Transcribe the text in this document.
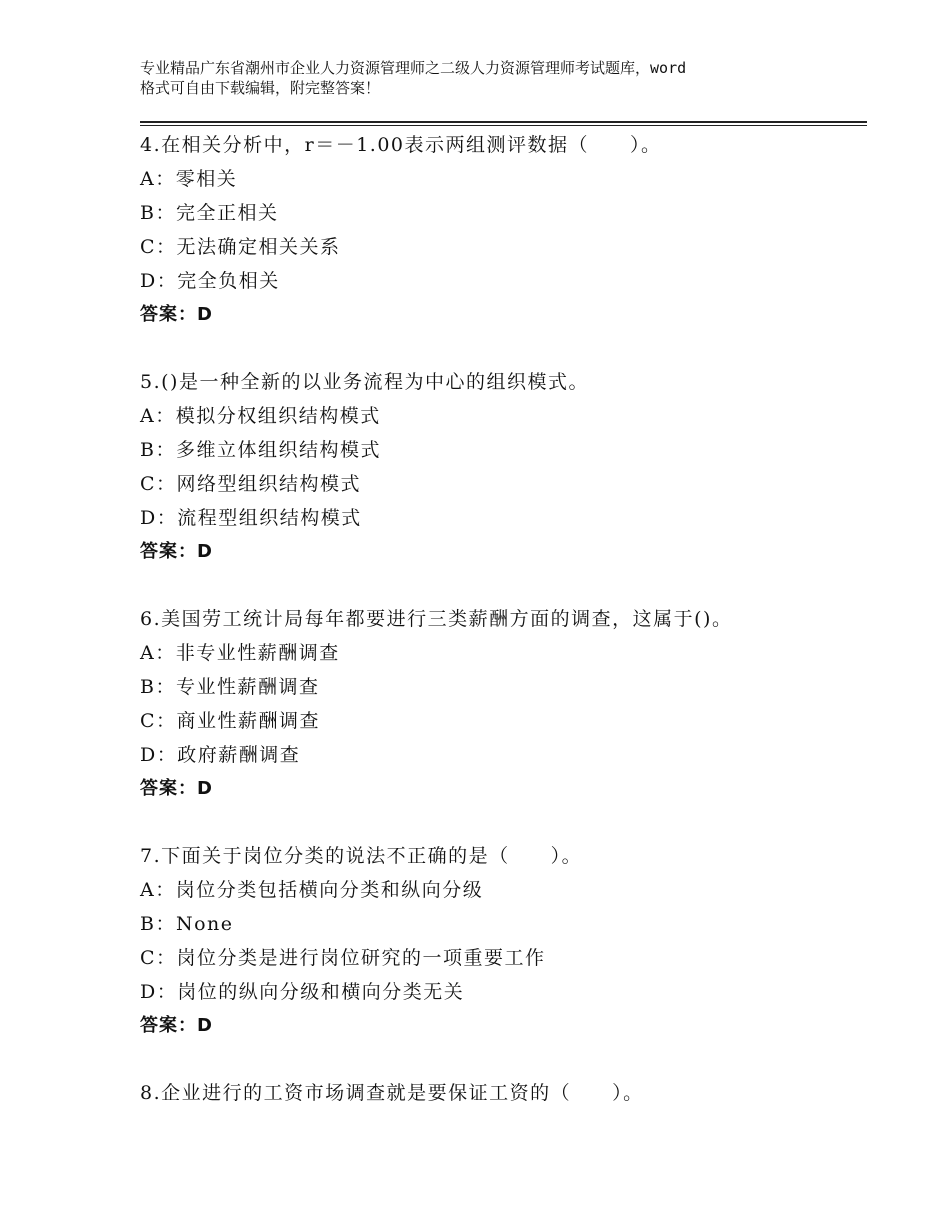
专业精品广东省潮州市企业人力资源管理师之二级人力资源管理师考试题库，word
格式可自由下载编辑，附完整答案！
4.在相关分析中，r＝－1.00表示两组测评数据（　　）。
A：零相关
B：完全正相关
C：无法确定相关关系
D：完全负相关
答案：D
5.()是一种全新的以业务流程为中心的组织模式。
A：模拟分权组织结构模式
B：多维立体组织结构模式
C：网络型组织结构模式
D：流程型组织结构模式
答案：D
6.美国劳工统计局每年都要进行三类薪酬方面的调查，这属于()。
A：非专业性薪酬调查
B：专业性薪酬调查
C：商业性薪酬调查
D：政府薪酬调查
答案：D
7.下面关于岗位分类的说法不正确的是（　　）。
A：岗位分类包括横向分类和纵向分级
B：None
C：岗位分类是进行岗位研究的一项重要工作
D：岗位的纵向分级和横向分类无关
答案：D
8.企业进行的工资市场调查就是要保证工资的（　　）。
